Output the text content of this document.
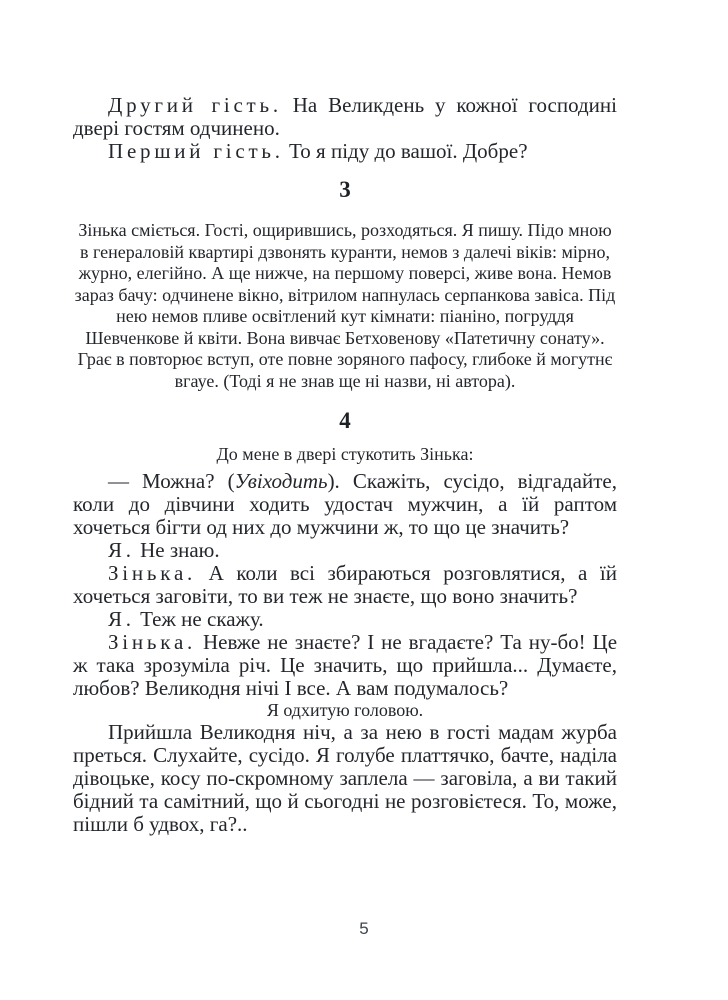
Другий гість. На Великдень у кожної господині двері гостям одчинено.

Перший гість. То я піду до вашої. Добре?

3

Зінька сміється. Гості, ощирившись, розходяться. Я пишу. Підо мною в генераловій квартирі дзвонять куранти, немов з далечі віків: мірно, журно, елегійно. А ще нижче, на першому поверсі, живе вона. Немов зараз бачу: одчинене вікно, вітрилом напнулась серпанкова завіса. Під нею немов пливе освітлений кут кімнати: піаніно, погруддя Шевченкове й квіти. Вона вивчає Бетховенову «Патетичну сонату». Грає в повторює вступ, оте повне зоряного пафосу, глибоке й могутнє вгауе. (Тоді я не знав ще ні назви, ні автора).

4

До мене в двері стукотить Зінька:

— Можна? (Увіходить). Скажіть, сусідо, відгадайте, коли до дівчини ходить удостач мужчин, а їй раптом хочеться бігти од них до мужчини ж, то що це значить?

Я. Не знаю.

Зінька. А коли всі збираються розговлятися, а їй хочеться заговіти, то ви теж не знаєте, що воно значить?

Я. Теж не скажу.

Зінька. Невже не знаєте? І не вгадаєте? Та ну-бо! Це ж така зрозуміла річ. Це значить, що прийшла... Думаєте, любов? Великодня нічі І все. А вам подумалось?

Я одхитую головою.

Прийшла Великодня ніч, а за нею в гості мадам журба преться. Слухайте, сусідо. Я голубе платтячко, бачте, наділа дівоцьке, косу по-скромному заплела — заговіла, а ви такий бідний та самітний, що й сьогодні не розговієтеся. То, може, пішли б удвох, га?..

5
